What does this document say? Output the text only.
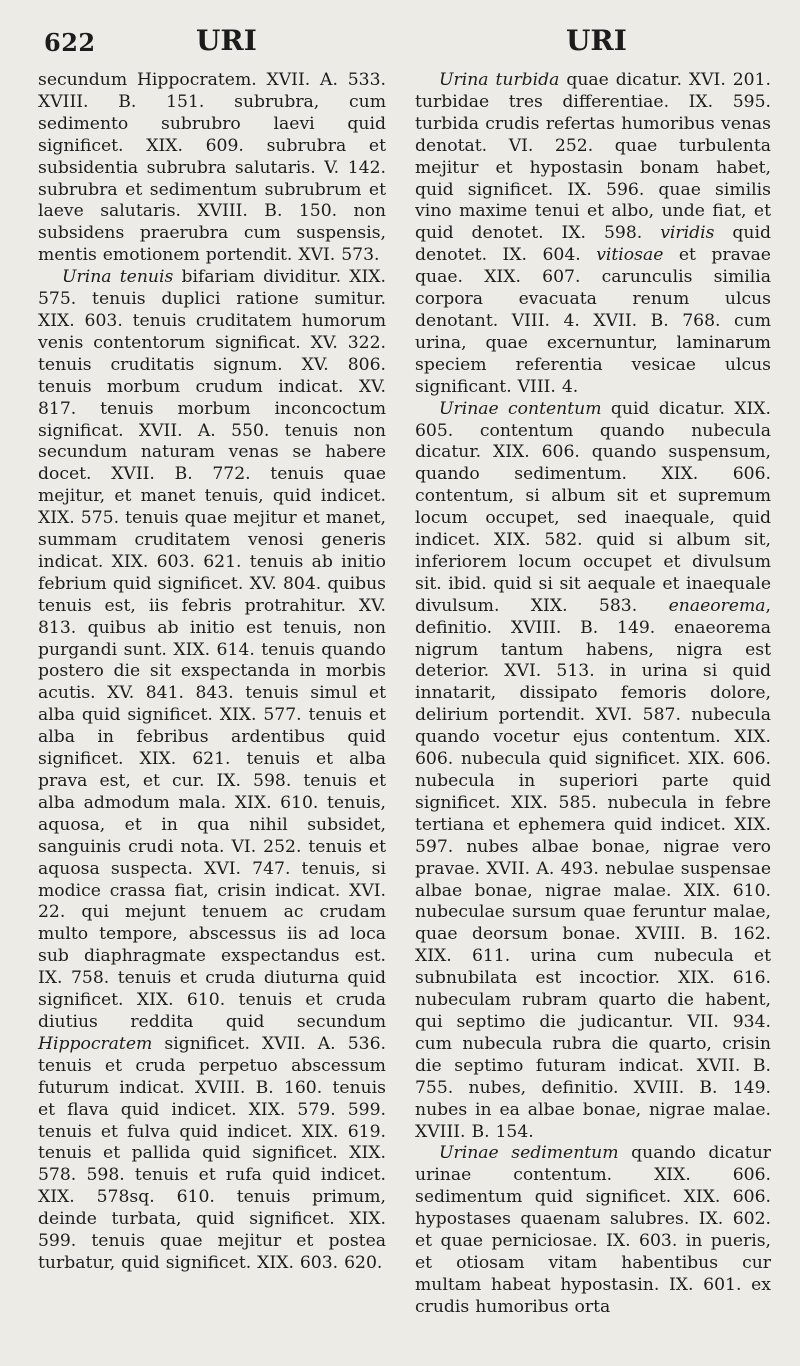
622	URI	URI

secundum Hippocratem. XVII. A. 533. XVIII. B. 151. subrubra, cum sedimento subrubro laevi quid significet. XIX. 609. subrubra et subsidentia subrubra salutaris. V. 142. subrubra et sedimentum subrubrum et laeve salutaris. XVIII. B. 150. non subsidens praerubra cum suspensis, mentis emotionem portendit. XVI. 573.

Urina tenuis bifariam dividitur. XIX. 575. tenuis duplici ratione sumitur. XIX. 603. tenuis cruditatem humorum venis contentorum significat. XV. 322. tenuis cruditatis signum. XV. 806. tenuis morbum crudum indicat. XV. 817. tenuis morbum inconcoctum significat. XVII. A. 550. tenuis non secundum naturam venas se habere docet. XVII. B. 772. tenuis quae mejitur, et manet tenuis, quid indicet. XIX. 575. tenuis quae mejitur et manet, summam cruditatem venosi generis indicat. XIX. 603. 621. tenuis ab initio febrium quid significet. XV. 804. quibus tenuis est, iis febris protrahitur. XV. 813. quibus ab initio est tenuis, non purgandi sunt. XIX. 614. tenuis quando postero die sit exspectanda in morbis acutis. XV. 841. 843. tenuis simul et alba quid significet. XIX. 577. tenuis et alba in febribus ardentibus quid significet. XIX. 621. tenuis et alba prava est, et cur. IX. 598. tenuis et alba admodum mala. XIX. 610. tenuis, aquosa, et in qua nihil subsidet, sanguinis crudi nota. VI. 252. tenuis et aquosa suspecta. XVI. 747. tenuis, si modice crassa fiat, crisin indicat. XVI. 22. qui mejunt tenuem ac crudam multo tempore, abscessus iis ad loca sub diaphragmate exspectandus est. IX. 758. tenuis et cruda diuturna quid significet. XIX. 610. tenuis et cruda diutius reddita quid secundum Hippocratem significet. XVII. A. 536. tenuis et cruda perpetuo abscessum futurum indicat. XVIII. B. 160. tenuis et flava quid indicet. XIX. 579. 599. tenuis et fulva quid indicet. XIX. 619. tenuis et pallida quid significet. XIX. 578. 598. tenuis et rufa quid indicet. XIX. 578sq. 610. tenuis primum, deinde turbata, quid significet. XIX. 599. tenuis quae mejitur et postea turbatur, quid significet. XIX. 603. 620.

Urina turbida quae dicatur. XVI. 201. turbidae tres differentiae. IX. 595. turbida crudis refertas humoribus venas denotat. VI. 252. quae turbulenta mejitur et hypostasin bonam habet, quid significet. IX. 596. quae similis vino maxime tenui et albo, unde fiat, et quid denotet. IX. 598. viridis quid denotet. IX. 604. vitiosae et pravae quae. XIX. 607. carunculis similia corpora evacuata renum ulcus denotant. VIII. 4. XVII. B. 768. cum urina, quae excernuntur, laminarum speciem referentia vesicae ulcus significant. VIII. 4.

Urinae contentum quid dicatur. XIX. 605. contentum quando nubecula dicatur. XIX. 606. quando suspensum, quando sedimentum. XIX. 606. contentum, si album sit et supremum locum occupet, sed inaequale, quid indicet. XIX. 582. quid si album sit, inferiorem locum occupet et divulsum sit. ibid. quid si sit aequale et inaequale divulsum. XIX. 583. enaeorema, definitio. XVIII. B. 149. enaeorema nigrum tantum habens, nigra est deterior. XVI. 513. in urina si quid innatarit, dissipato femoris dolore, delirium portendit. XVI. 587. nubecula quando vocetur ejus contentum. XIX. 606. nubecula quid significet. XIX. 606. nubecula in superiori parte quid significet. XIX. 585. nubecula in febre tertiana et ephemera quid indicet. XIX. 597. nubes albae bonae, nigrae vero pravae. XVII. A. 493. nebulae suspensae albae bonae, nigrae malae. XIX. 610. nubeculae sursum quae feruntur malae, quae deorsum bonae. XVIII. B. 162. XIX. 611. urina cum nubecula et subnubilata est incoctior. XIX. 616. nubeculam rubram quarto die habent, qui septimo die judicantur. VII. 934. cum nubecula rubra die quarto, crisin die septimo futuram indicat. XVII. B. 755. nubes, definitio. XVIII. B. 149. nubes in ea albae bonae, nigrae malae. XVIII. B. 154.

Urinae sedimentum quando dicatur urinae contentum. XIX. 606. sedimentum quid significet. XIX. 606. hypostases quaenam salubres. IX. 602. et quae perniciosae. IX. 603. in pueris, et otiosam vitam habentibus cur multam habeat hypostasin. IX. 601. ex crudis humoribus orta
